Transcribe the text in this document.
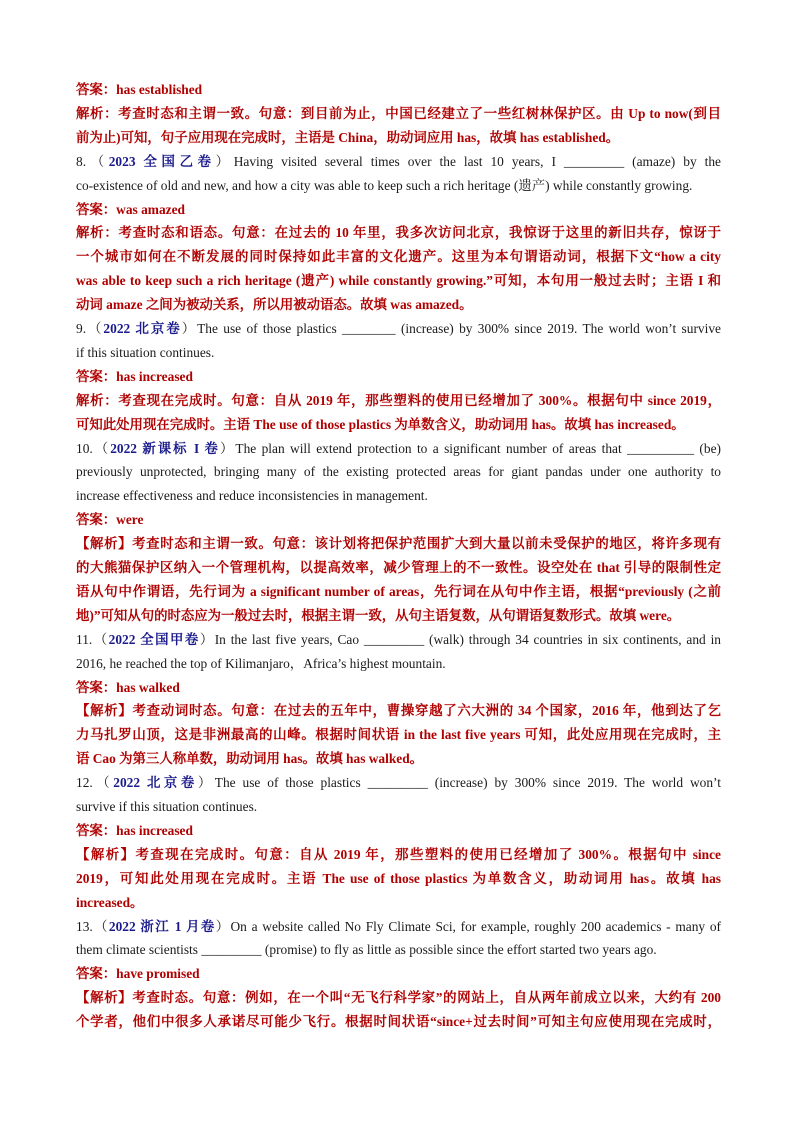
答案：has established
解析：考查时态和主谓一致。句意：到目前为止，中国已经建立了一些红树林保护区。由 Up to now(到目
前为止)可知，句子应用现在完成时，主语是 China，助动词应用 has，故填 has established。
8.（2023 全国乙卷）Having visited several times over the last 10 years, I _________ (amaze) by the
co-existence of old and new, and how a city was able to keep such a rich heritage (遗产) while constantly growing.
答案：was amazed
解析：考查时态和语态。句意：在过去的 10 年里，我多次访问北京，我惊讶于这里的新旧共存，惊讶于
一个城市如何在不断发展的同时保持如此丰富的文化遗产。这里为本句谓语动词，根据下文“how a city
was able to keep such a rich heritage (遗产) while constantly growing.”可知，本句用一般过去时；主语 I 和
动词 amaze 之间为被动关系，所以用被动语态。故填 was amazed。
9.（2022 北京卷）The use of those plastics ________ (increase) by 300% since 2019. The world won’t survive
if this situation continues.
答案：has increased
解析：考查现在完成时。句意：自从 2019 年，那些塑料的使用已经增加了 300%。根据句中 since 2019，
可知此处用现在完成时。主语 The use of those plastics 为单数含义，助动词用 has。故填 has increased。
10.（2022 新课标 I 卷）The plan will extend protection to a significant number of areas that __________ (be)
previously unprotected, bringing many of the existing protected areas for giant pandas under one authority to
increase effectiveness and reduce inconsistencies in management.
答案：were
【解析】考查时态和主谓一致。句意：该计划将把保护范围扩大到大量以前未受保护的地区，将许多现有
的大熊猫保护区纳入一个管理机构，以提高效率，减少管理上的不一致性。设空处在 that 引导的限制性定
语从句中作谓语，先行词为 a significant number of areas，先行词在从句中作主语，根据“previously (之前
地)”可知从句的时态应为一般过去时，根据主谓一致，从句主语复数，从句谓语复数形式。故填 were。
11.（2022 全国甲卷）In the last five years, Cao _________ (walk) through 34 countries in six continents, and in
2016, he reached the top of Kilimanjaro，Africa’s highest mountain.
答案：has walked
【解析】考查动词时态。句意：在过去的五年中，曹操穿越了六大洲的 34 个国家，2016 年，他到达了乞
力马扎罗山顶，这是非洲最高的山峰。根据时间状语 in the last five years 可知，此处应用现在完成时，主
语 Cao 为第三人称单数，助动词用 has。故填 has walked。
12.（2022 北京卷）The use of those plastics _________ (increase) by 300% since 2019. The world won’t
survive if this situation continues.
答案：has increased
【解析】考查现在完成时。句意：自从 2019 年，那些塑料的使用已经增加了 300%。根据句中 since
2019，可知此处用现在完成时。主语 The use of those plastics 为单数含义，助动词用 has。故填 has
increased。
13.（2022 浙江 1 月卷）On a website called No Fly Climate Sci, for example, roughly 200 academics - many of
them climate scientists _________ (promise) to fly as little as possible since the effort started two years ago.
答案：have promised
【解析】考查时态。句意：例如，在一个叫“无飞行科学家”的网站上，自从两年前成立以来，大约有 200
个学者，他们中很多人承诺尽可能少飞行。根据时间状语“since+过去时间”可知主句应使用现在完成时，
